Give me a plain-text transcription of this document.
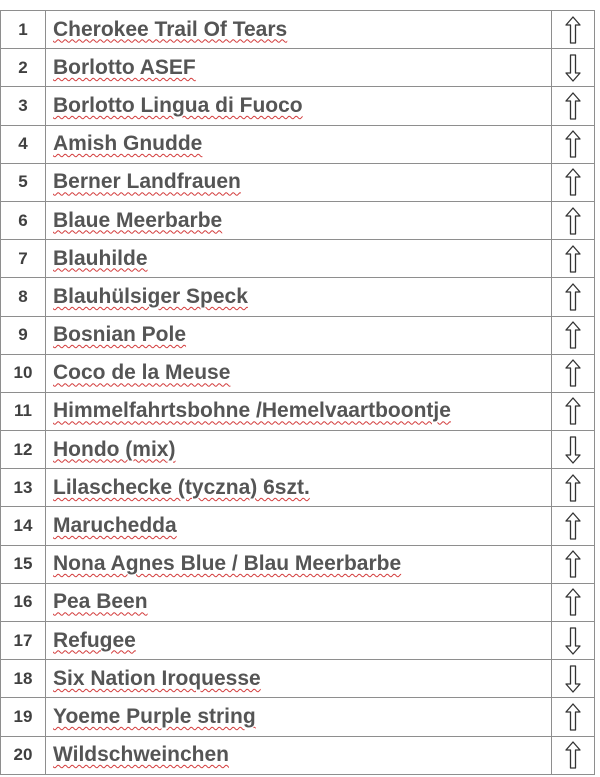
1	Cherokee Trail Of Tears	

2	Borlotto ASEF	

3	Borlotto Lingua di Fuoco	

4	Amish Gnudde	

5	Berner Landfrauen	

6	Blaue Meerbarbe	

7	Blauhilde	

8	Blauhülsiger Speck	

9	Bosnian Pole	

10	Coco de la Meuse	

11	Himmelfahrtsbohne /Hemelvaartboontje	

12	Hondo (mix)	

13	Lilaschecke (tyczna) 6szt.	

14	Maruchedda	

15	Nona Agnes Blue / Blau Meerbarbe	

16	Pea Been	

17	Refugee	

18	Six Nation Iroquesse	

19	Yoeme Purple string	

20	Wildschweinchen	
